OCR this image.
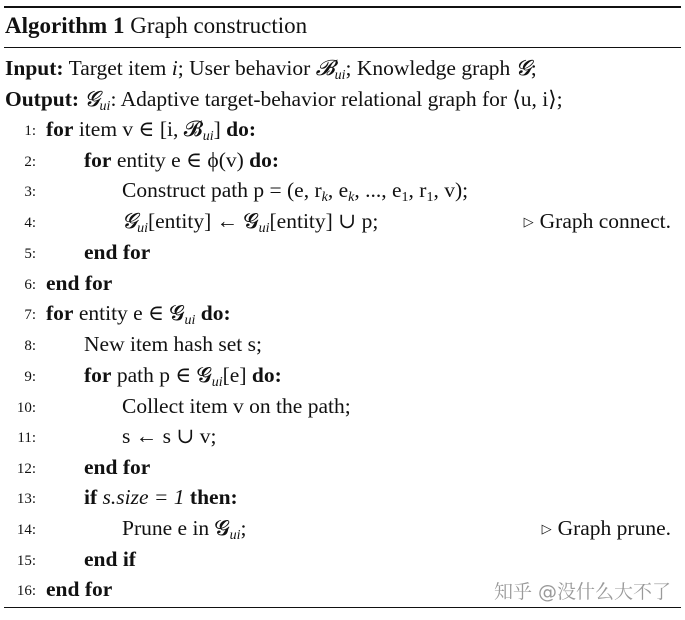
Algorithm 1 Graph construction
Input: Target item i; User behavior 𝓑$_{ui}$; Knowledge graph 𝓖;
Output: 𝓖$_{ui}$: Adaptive target-behavior relational graph for ⟨u, i⟩;
1: for item v ∈ [i, 𝓑$_{ui}$] do:
2: for entity e ∈ ϕ(v) do:
3:	Construct path p = (e, $r_k$, $e_k$, ..., $e_1$, $r_1$, v);
4:	𝓖$_{ui}$[entity] ← 𝓖$_{ui}$[entity] ∪ p;	▷ Graph connect.
5: end for
6: end for
7: for entity e ∈ 𝓖$_{ui}$ do:
8: New item hash set s;
9: for path p ∈ 𝓖$_{ui}$[e] do:
10:	Collect item v on the path;
11:	s ← s ∪ v;
12: end for
13: if s.size = 1 then:
14:	Prune e in 𝓖$_{ui}$;	▷ Graph prune.
15: end if
16: end for	知乎 @没什么大不了
